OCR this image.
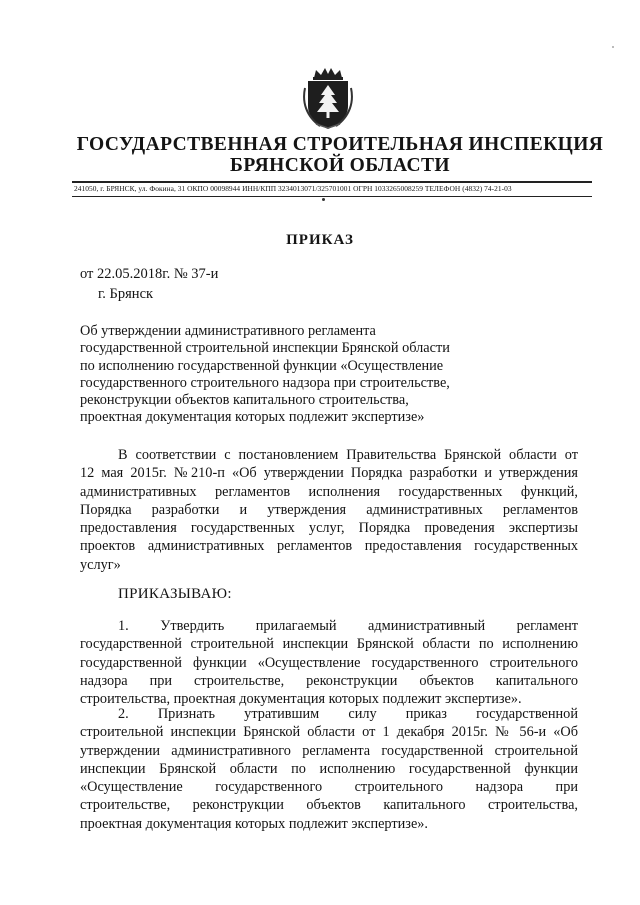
ГОСУДАРСТВЕННАЯ СТРОИТЕЛЬНАЯ ИНСПЕКЦИЯ
БРЯНСКОЙ ОБЛАСТИ
241050, г. БРЯНСК, ул. Фокина, 31 ОКПО 00098944 ИНН/КПП 3234013071/325701001 ОГРН 1033265008259 ТЕЛЕФОН (4832) 74-21-03
ПРИКАЗ
от 22.05.2018г. № 37-и
г. Брянск
Об утверждении административного регламента
государственной строительной инспекции Брянской области
по исполнению государственной функции «Осуществление
государственного строительного надзора при строительстве,
реконструкции объектов капитального строительства,
проектная документация которых подлежит экспертизе»
В соответствии с постановлением Правительства Брянской области от
12 мая 2015г. №210-п «Об утверждении Порядка разработки и утверждения
административных регламентов исполнения государственных функций,
Порядка разработки и утверждения административных регламентов
предоставления государственных услуг, Порядка проведения экспертизы
проектов административных регламентов предоставления государственных
услуг»
ПРИКАЗЫВАЮ:
1. Утвердить прилагаемый административный регламент
государственной строительной инспекции Брянской области по исполнению
государственной функции «Осуществление государственного строительного
надзора при строительстве, реконструкции объектов капитального
строительства, проектная документация которых подлежит экспертизе».
2. Признать утратившим силу приказ государственной
строительной инспекции Брянской области от 1 декабря 2015г. № 56-и «Об
утверждении административного регламента государственной строительной
инспекции Брянской области по исполнению государственной функции
«Осуществление государственного строительного надзора при
строительстве, реконструкции объектов капитального строительства,
проектная документация которых подлежит экспертизе».
